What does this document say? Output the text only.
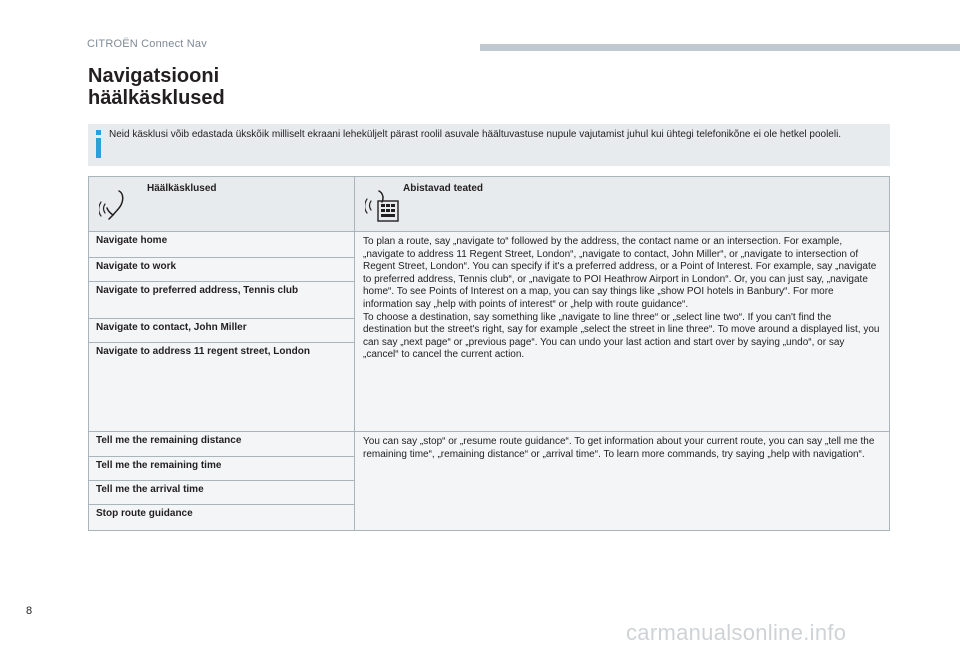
CITROËN Connect Nav
Navigatsiooni
häälkäsklused
Neid käsklusi võib edastada ükskõik milliselt ekraani leheküljelt pärast roolil asuvale häältuvastuse nupule vajutamist juhul kui ühtegi telefonikõne ei ole hetkel pooleli.
Häälkäsklused	Abistavad teated

Navigate home	To plan a route, say „navigate to“ followed by the address, the contact name or an intersection. For example, „navigate to address 11 Regent Street, London“, „navigate to contact, John Miller“, or „navigate to intersection of Regent Street, London“. You can specify if it's a preferred address, or a Point of Interest. For example, say „navigate to preferred address, Tennis club“, or „navigate to POI Heathrow Airport in London“. Or, you can just say, „navigate home“. To see Points of Interest on a map, you can say things like „show POI hotels in Banbury“. For more information say „help with points of interest“ or „help with route guidance“.
To choose a destination, say something like „navigate to line three“ or „select line two“. If you can't find the destination but the street's right, say for example „select the street in line three“. To move around a displayed list, you can say „next page“ or „previous page“. You can undo your last action and start over by saying „undo“, or say „cancel“ to cancel the current action.

Navigate to work	
Navigate to preferred address, Tennis club	
Navigate to contact, John Miller	
Navigate to address 11 regent street, London	
Tell me the remaining distance	You can say „stop“ or „resume route guidance“. To get information about your current route, you can say „tell me the remaining time“, „remaining distance“ or „arrival time“. To learn more commands, try saying „help with navigation“.

Tell me the remaining time	
Tell me the arrival time	
Stop route guidance	
8
carmanualsonline.info
